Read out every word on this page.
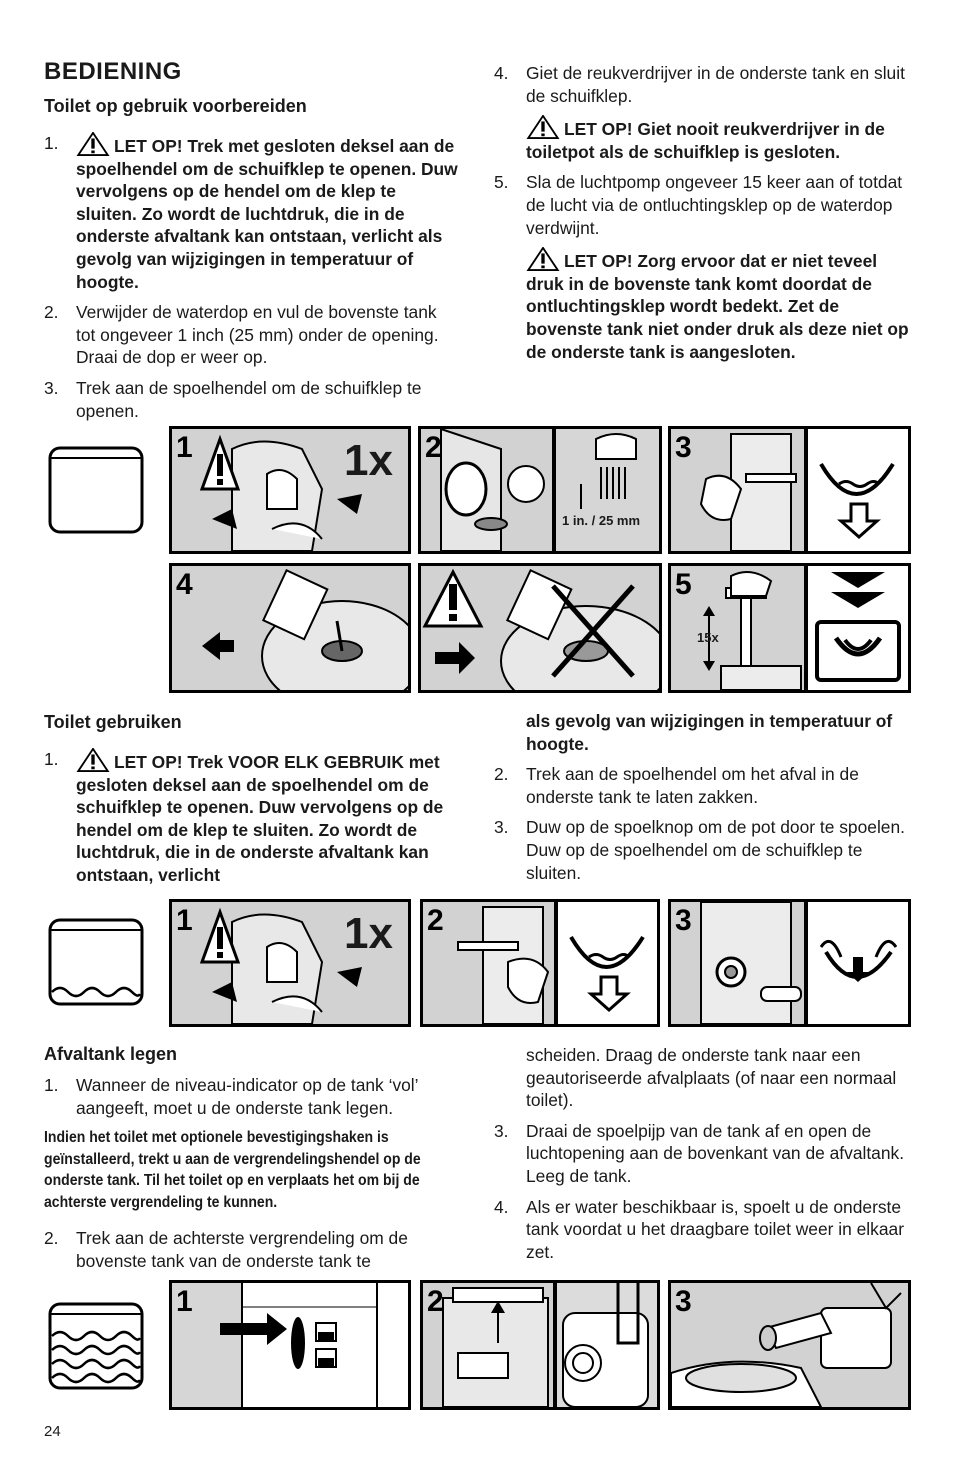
BEDIENING
Toilet op gebruik voorbereiden
1.	LET OP! Trek met gesloten deksel aan de spoelhendel om de schuifklep te openen. Duw vervolgens op de hendel om de klep te sluiten. Zo wordt de luchtdruk, die in de onderste afvaltank kan ontstaan, verlicht als gevolg van wijzigingen in temperatuur of hoogte.
2. Verwijder de waterdop en vul de bovenste tank tot ongeveer 1 inch (25 mm) onder de opening. Draai de dop er weer op.
3. Trek aan de spoelhendel om de schuifklep te openen.
4. Giet de reukverdrijver in de onderste tank en sluit de schuifklep.
LET OP! Giet nooit reukverdrijver in de toiletpot als de schuifklep is gesloten.
5. Sla de luchtpomp ongeveer 15 keer aan of totdat de lucht via de ontluchtingsklep op de waterdop verdwijnt.
LET OP! Zorg ervoor dat er niet teveel druk in de bovenste tank komt doordat de ontluchtingsklep wordt bedekt. Zet de bovenste tank niet onder druk als deze niet op de onderste tank is aangesloten.
1	1x 2
1 in. / 25 mm
3
4	5
15x
Toilet gebruiken
1.	LET OP! Trek VOOR ELK GEBRUIK met gesloten deksel aan de spoelhendel om de schuifklep te openen. Duw vervolgens op de hendel om de klep te sluiten. Zo wordt de luchtdruk, die in de onderste afvaltank kan ontstaan, verlicht
als gevolg van wijzigingen in temperatuur of hoogte.
2. Trek aan de spoelhendel om het afval in de onderste tank te laten zakken.
3. Duw op de spoelknop om de pot door te spoelen. Duw op de spoelhendel om de schuifklep te sluiten.
1	1x 2	3
Afvaltank legen
1. Wanneer de niveau-indicator op de tank ‘vol’ aangeeft, moet u de onderste tank legen.
Indien het toilet met optionele bevestigingshaken is geïnstalleerd, trekt u aan de vergrendelingshendel op de onderste tank. Til het toilet op en verplaats het om bij de achterste vergrendeling te kunnen.
2. Trek aan de achterste vergrendeling om de bovenste tank van de onderste tank te
scheiden. Draag de onderste tank naar een geautoriseerde afvalplaats (of naar een normaal toilet).
3. Draai de spoelpijp van de tank af en open de luchtopening aan de bovenkant van de afvaltank. Leeg de tank.
4. Als er water beschikbaar is, spoelt u de onderste tank voordat u het draagbare toilet weer in elkaar zet.
1	2	3
24
